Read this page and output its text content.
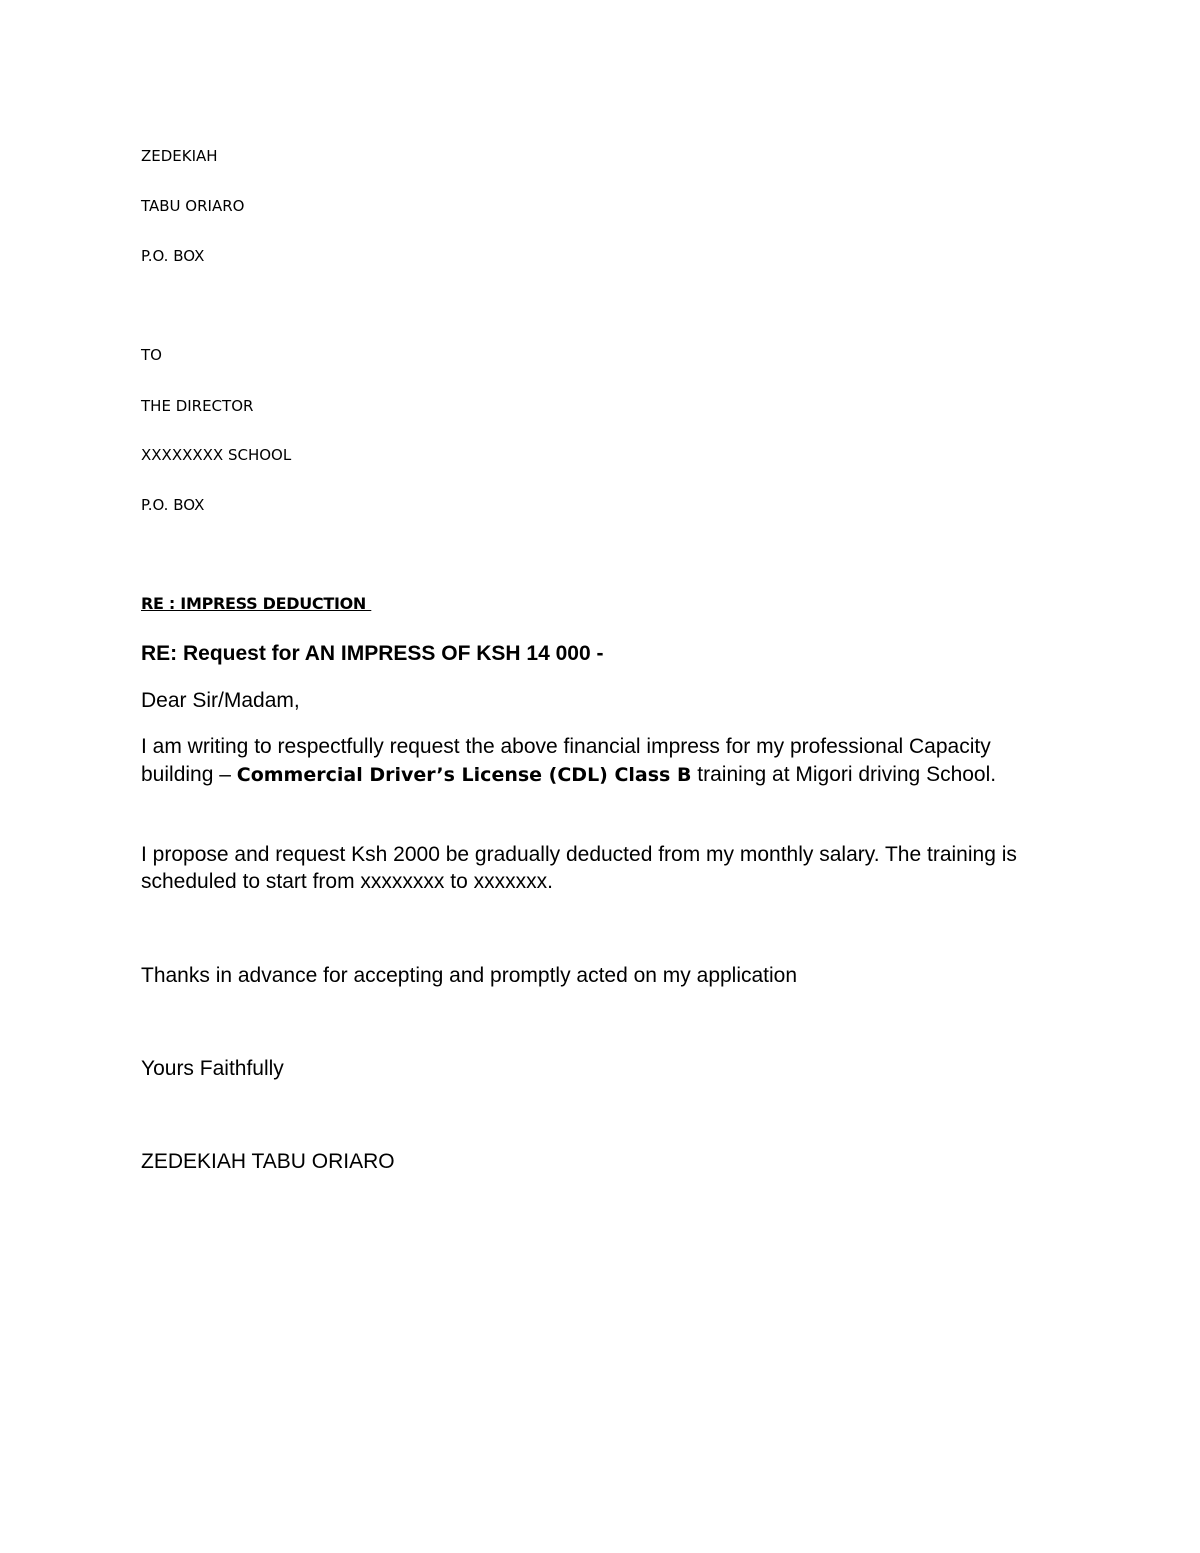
ZEDEKIAH
TABU ORIARO
P.O. BOX
TO
THE DIRECTOR
XXXXXXXX SCHOOL
P.O. BOX
RE : IMPRESS DEDUCTION
RE: Request for AN IMPRESS OF KSH 14 000 -
Dear Sir/Madam,
I am writing to respectfully request the above financial impress for my professional Capacity building – Commercial Driver’s License (CDL) Class B training at Migori driving School.
I propose and request Ksh 2000 be gradually deducted from my monthly salary. The training is scheduled to start from xxxxxxxx to xxxxxxx.
Thanks in advance for accepting and promptly acted on my application
Yours Faithfully
ZEDEKIAH TABU ORIARO
